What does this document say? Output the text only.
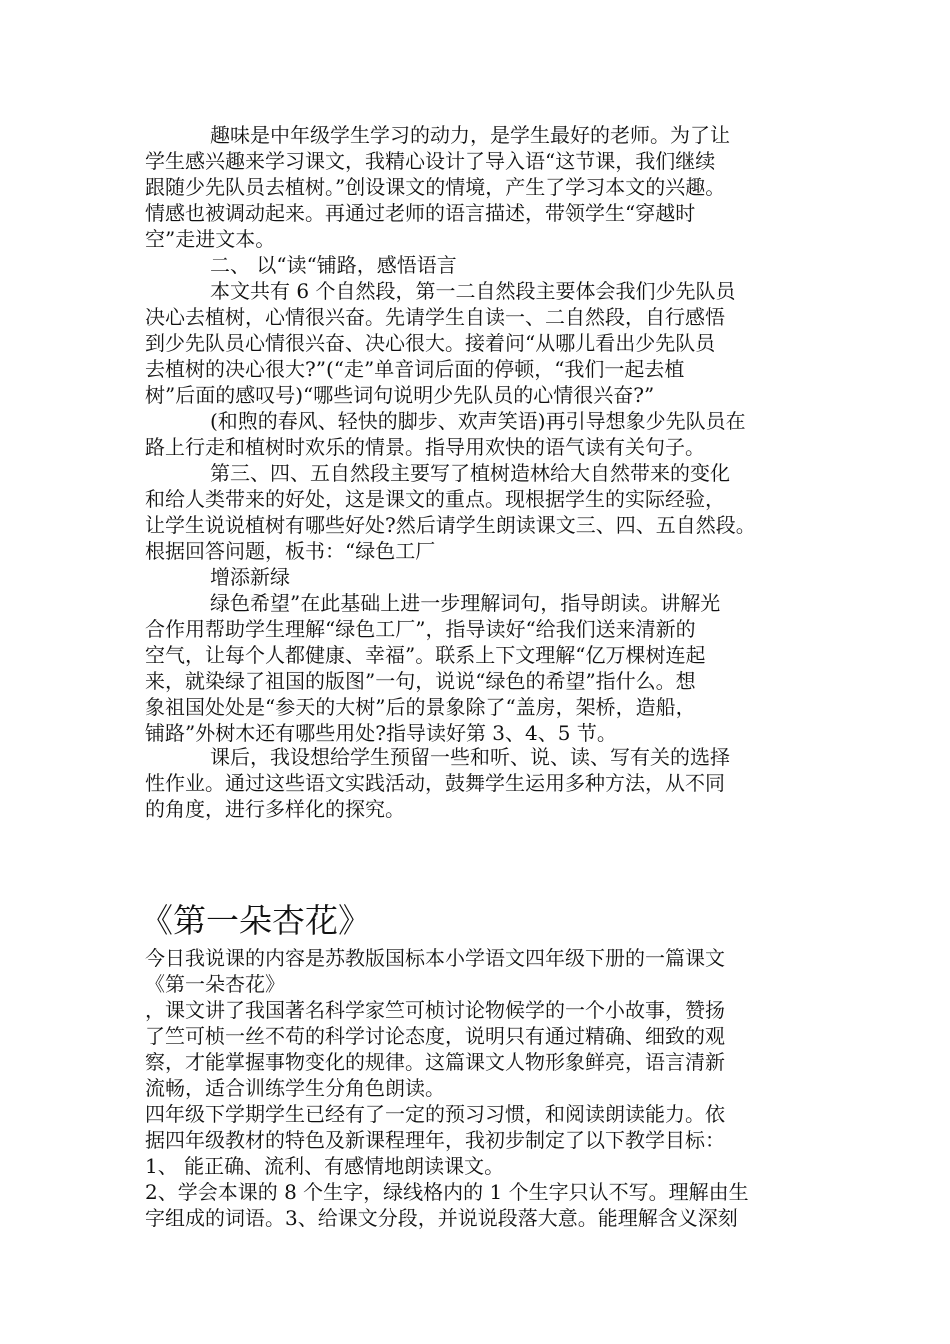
趣味是中年级学生学习的动力，是学生最好的老师。为了让
学生感兴趣来学习课文，我精心设计了导入语“这节课，我们继续
跟随少先队员去植树。”创设课文的情境，产生了学习本文的兴趣。
情感也被调动起来。再通过老师的语言描述，带领学生“穿越时
空”走进文本。
二、 以“读“铺路，感悟语言
本文共有 6 个自然段，第一二自然段主要体会我们少先队员
决心去植树，心情很兴奋。先请学生自读一、二自然段，自行感悟
到少先队员心情很兴奋、决心很大。接着问“从哪儿看出少先队员
去植树的决心很大?”(“走”单音词后面的停顿，“我们一起去植
树”后面的感叹号)“哪些词句说明少先队员的心情很兴奋?”
(和煦的春风、轻快的脚步、欢声笑语)再引导想象少先队员在
路上行走和植树时欢乐的情景。指导用欢快的语气读有关句子。
第三、四、五自然段主要写了植树造林给大自然带来的变化
和给人类带来的好处，这是课文的重点。现根据学生的实际经验，
让学生说说植树有哪些好处?然后请学生朗读课文三、四、五自然段。
根据回答问题，板书：“绿色工厂
增添新绿
绿色希望”在此基础上进一步理解词句，指导朗读。讲解光
合作用帮助学生理解“绿色工厂”，指导读好“给我们送来清新的
空气，让每个人都健康、幸福”。联系上下文理解“亿万棵树连起
来，就染绿了祖国的版图”一句，说说“绿色的希望”指什么。想
象祖国处处是“参天的大树”后的景象除了“盖房，架桥，造船，
铺路”外树木还有哪些用处?指导读好第 3、4、5 节。
课后，我设想给学生预留一些和听、说、读、写有关的选择
性作业。通过这些语文实践活动，鼓舞学生运用多种方法，从不同
的角度，进行多样化的探究。
《第一朵杏花》
今日我说课的内容是苏教版国标本小学语文四年级下册的一篇课文
《第一朵杏花》
，课文讲了我国著名科学家竺可桢讨论物候学的一个小故事，赞扬
了竺可桢一丝不苟的科学讨论态度，说明只有通过精确、细致的观
察，才能掌握事物变化的规律。这篇课文人物形象鲜亮，语言清新
流畅，适合训练学生分角色朗读。
四年级下学期学生已经有了一定的预习习惯，和阅读朗读能力。依
据四年级教材的特色及新课程理年，我初步制定了以下教学目标：
1、 能正确、流利、有感情地朗读课文。
2、学会本课的 8 个生字，绿线格内的 1 个生字只认不写。理解由生
字组成的词语。3、给课文分段，并说说段落大意。能理解含义深刻
